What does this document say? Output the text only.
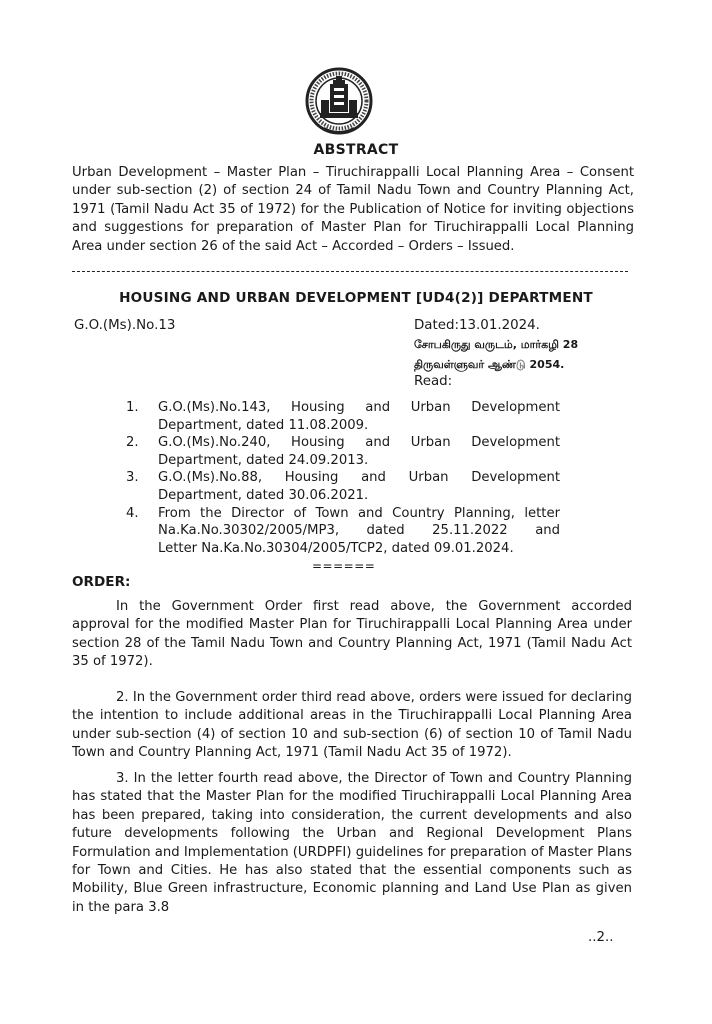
ABSTRACT

Urban Development – Master Plan – Tiruchirappalli Local Planning Area – Consent under sub-section (2) of section 24 of Tamil Nadu Town and Country Planning Act, 1971 (Tamil Nadu Act 35 of 1972) for the Publication of Notice for inviting objections and suggestions for preparation of Master Plan for Tiruchirappalli Local Planning Area under section 26 of the said Act – Accorded – Orders – Issued.

HOUSING AND URBAN DEVELOPMENT [UD4(2)] DEPARTMENT
G.O.(Ms).No.13	Dated:13.01.2024.
சோபகிருது வருடம், மார்கழி 28
திருவள்ளுவர் ஆண்டு 2054.
Read:
1. G.O.(Ms).No.143, Housing and Urban Development
Department, dated 11.08.2009.
2. G.O.(Ms).No.240, Housing and Urban Development
Department, dated 24.09.2013.
3. G.O.(Ms).No.88, Housing and Urban Development
Department, dated 30.06.2021.
4. From the Director of Town and Country Planning, letter
Na.Ka.No.30302/2005/MP3, dated 25.11.2022 and
Letter Na.Ka.No.30304/2005/TCP2, dated 09.01.2024.
======
ORDER:

In the Government Order first read above, the Government accorded approval for the modified Master Plan for Tiruchirappalli Local Planning Area under section 28 of the Tamil Nadu Town and Country Planning Act, 1971 (Tamil Nadu Act 35 of 1972).

2. In the Government order third read above, orders were issued for declaring the intention to include additional areas in the Tiruchirappalli Local Planning Area under sub-section (4) of section 10 and sub-section (6) of section 10 of Tamil Nadu Town and Country Planning Act, 1971 (Tamil Nadu Act 35 of 1972).

3. In the letter fourth read above, the Director of Town and Country Planning has stated that the Master Plan for the modified Tiruchirappalli Local Planning Area has been prepared, taking into consideration, the current developments and also future developments following the Urban and Regional Development Plans Formulation and Implementation (URDPFI) guidelines for preparation of Master Plans for Town and Cities. He has also stated that the essential components such as Mobility, Blue Green infrastructure, Economic planning and Land Use Plan as given in the para 3.8

..2..
